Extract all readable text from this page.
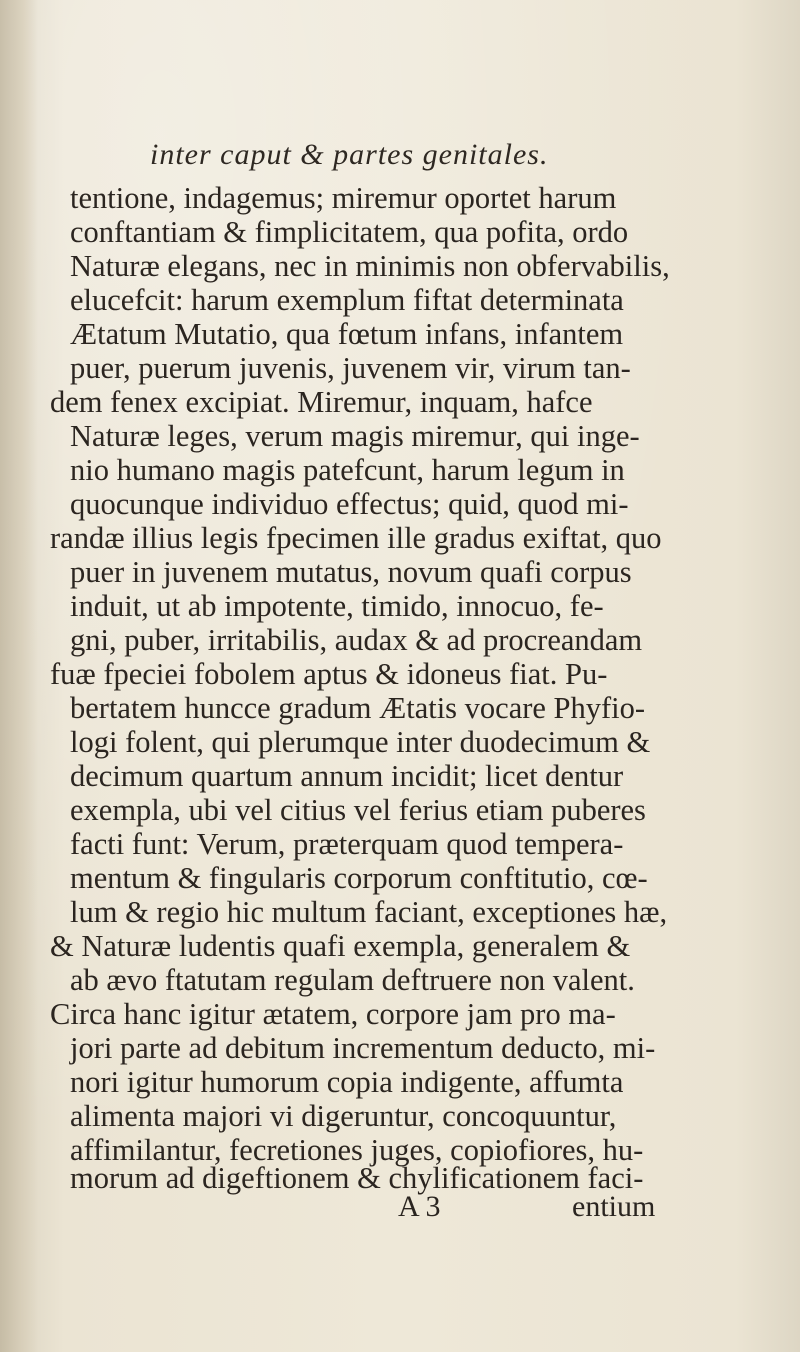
inter caput & partes genitales.
tentione, indagemus; miremur oportet harum
conftantiam & fimplicitatem, qua pofita, ordo
Naturæ elegans, nec in minimis non obfervabilis,
elucefcit: harum exemplum fiftat determinata
Ætatum Mutatio, qua fœtum infans, infantem
puer, puerum juvenis, juvenem vir, virum tan-
dem fenex excipiat. Miremur, inquam, hafce
Naturæ leges, verum magis miremur, qui inge-
nio humano magis patefcunt, harum legum in
quocunque individuo effectus; quid, quod mi-
randæ illius legis fpecimen ille gradus exiftat, quo
puer in juvenem mutatus, novum quafi corpus
induit, ut ab impotente, timido, innocuo, fe-
gni, puber, irritabilis, audax & ad procreandam
fuæ fpeciei fobolem aptus & idoneus fiat. Pu-
bertatem huncce gradum Ætatis vocare Phyfio-
logi folent, qui plerumque inter duodecimum &
decimum quartum annum incidit; licet dentur
exempla, ubi vel citius vel ferius etiam puberes
facti funt: Verum, præterquam quod tempera-
mentum & fingularis corporum conftitutio, cœ-
lum & regio hic multum faciant, exceptiones hæ,
& Naturæ ludentis quafi exempla, generalem &
ab ævo ftatutam regulam deftruere non valent.
Circa hanc igitur ætatem, corpore jam pro ma-
jori parte ad debitum incrementum deducto, mi-
nori igitur humorum copia indigente, affumta
alimenta majori vi digeruntur, concoquuntur,
affimilantur, fecretiones juges, copiofiores, hu-
morum ad digeftionem & chylificationem faci-
A 3	entium
